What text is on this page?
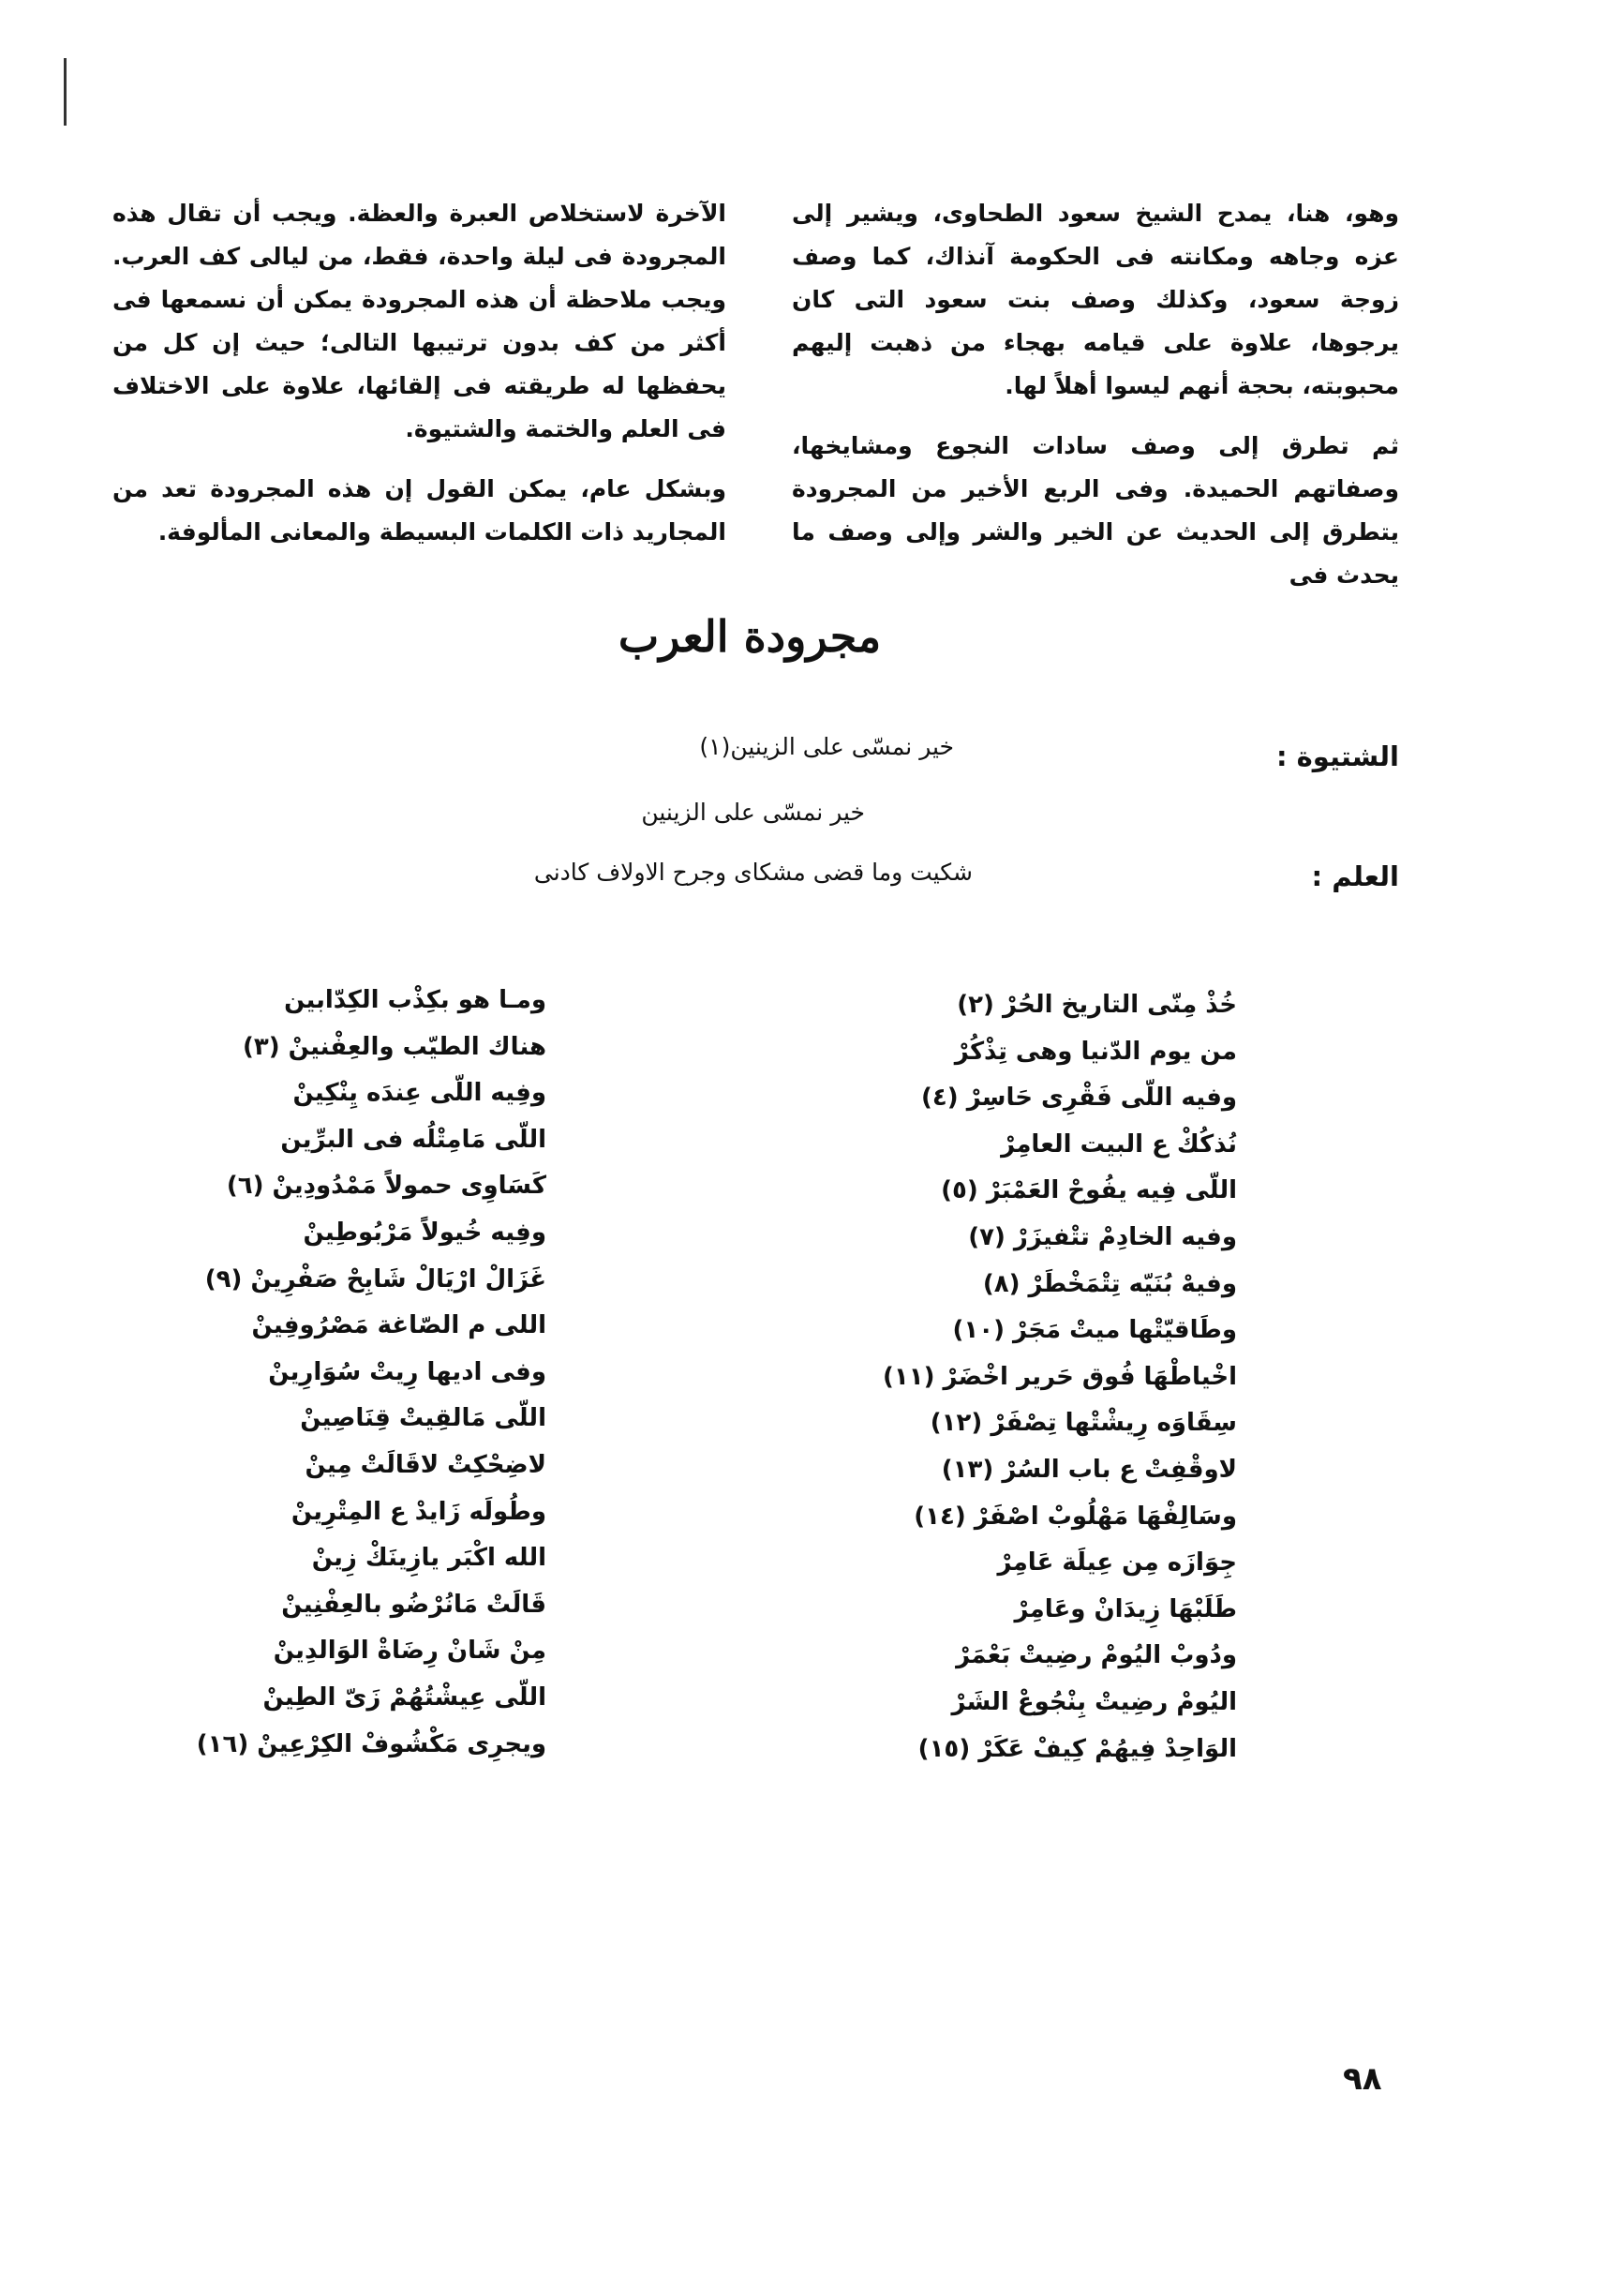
وهو، هنا، يمدح الشيخ سعود الطحاوى، ويشير إلى عزه وجاهه ومكانته فى الحكومة آنذاك، كما وصف زوجة سعود، وكذلك وصف بنت سعود التى كان يرجوها، علاوة على قيامه بهجاء من ذهبت إليهم محبوبته، بحجة أنهم ليسوا أهلاً لها.

ثم تطرق إلى وصف سادات النجوع ومشايخها، وصفاتهم الحميدة. وفى الربع الأخير من المجرودة يتطرق إلى الحديث عن الخير والشر وإلى وصف ما يحدث فى

الآخرة لاستخلاص العبرة والعظة. ويجب أن تقال هذه المجرودة فى ليلة واحدة، فقط، من ليالى كف العرب. ويجب ملاحظة أن هذه المجرودة يمكن أن نسمعها فى أكثر من كف بدون ترتيبها التالى؛ حيث إن كل من يحفظها له طريقته فى إلقائها، علاوة على الاختلاف فى العلم والختمة والشتيوة.

وبشكل عام، يمكن القول إن هذه المجرودة تعد من المجاريد ذات الكلمات البسيطة والمعانى المألوفة.

مجرودة العرب
الشتيوة :
خير نمسّى على الزينين(١)
خير نمسّى على الزينين
العلم :
شكيت وما قضى مشكاى وجرح الاولاف كادنى
خُذْ مِنّى التاريخ الحُرْ (٢)
من يوم الدّنيا وهى تِذْكُرْ
وفيه اللّى فَقْرِى حَاسِرْ (٤)
نُذكُكْ ع البيت العامِرْ
اللّى فِيه يفُوحْ العَمْبَرْ (٥)
وفيه الخادِمْ تتْفيزَرْ (٧)
وفيهْ بُنَيّه تِتْمَخْطَرْ (٨)
وطَاقيّتْها ميتْ مَجَرْ (١٠)
اخْياطْهَا فُوق حَرير اخْضَرْ (١١)
سِقَاوَه رِيشْتْها تِصْفَرْ (١٢)
لاوقْفِتْ ع باب السُرْ (١٣)
وسَالِفْهَا مَهْلُوبْ اصْفَرْ (١٤)
جِوَازَه مِن عِيلَة عَامِرْ
طَلَبْهَا زِيدَانْ وعَامِرْ
ودُوبْ اليُومْ رضِيتْ بَعْمَرْ
اليُومْ رضِيتْ بِنْجُوعْ الشَرْ
الوَاحِدْ فِيهُمْ كِيفْ عَكَرْ (١٥)
ومـا هو بكِذْب الكِدّابين
هناك الطيّب والعِفْنينْ (٣)
وفِيه اللّى عِندَه يِنْكِينْ
اللّى مَامِتْلُه فى البرِّين
كَسَاوِى حمولاً مَمْدُودِينْ (٦)
وفِيه خُيولاً مَرْبُوطِينْ
غَزَالْ ارْيَالْ شَابِحْ صَفْرِينْ (٩)
اللى م الصّاغة مَصْرُوفِينْ
وفى اديها رِيتْ سُوَارِينْ
اللّى مَالقِيتْ قِنَاصِينْ
لاضِحْكِتْ لاقَالَتْ مِينْ
وطُولَه زَايدْ ع المِتْرِينْ
الله اكْبَر يازِينَكْ زِينْ
قَالَتْ مَانُرْضُو بالعِفْنِينْ
مِنْ شَانْ رِضَاةْ الوَالدِينْ
اللّى عِيشْتُهُمْ زَىّ الطِينْ
ويجرِى مَكْشُوفْ الكِرْعِينْ (١٦)
٩٨
